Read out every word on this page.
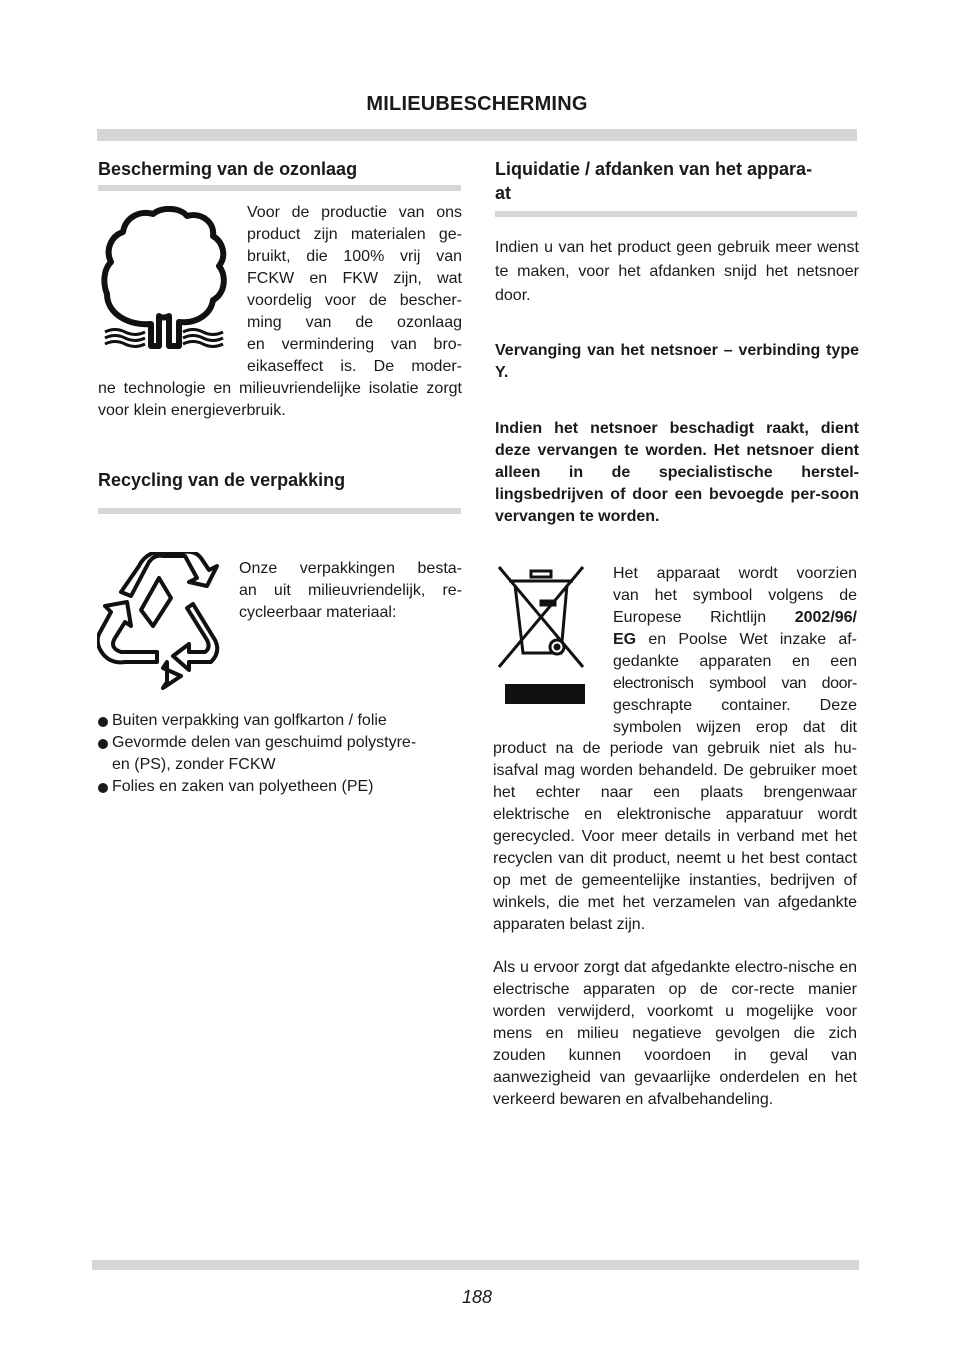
MILIEUBESCHERMING
Bescherming van de ozonlaag

Voor de productie van ons

product zijn materialen ge-

bruikt, die 100% vrij van

FCKW en FKW zijn, wat

voordelig voor de bescher-

ming van de ozonlaag

en vermindering van bro-

eikaseffect is. De moder-

ne technologie en milieuvriendelijke isolatie zorgt voor klein energieverbruik.

Recycling van de verpakking

Onze verpakkingen besta-

an uit milieuvriendelijk, re-

cycleerbaar materiaal:

Buiten verpakking van golfkarton / folie
Gevormde delen van geschuimd polystyre-
en (PS), zonder FCKW
Folies en zaken van polyetheen (PE)
Liquidatie / afdanken van het appara-
at

Indien u van het product geen gebruik meer wenst te maken, voor het afdanken snijd het netsnoer door.

Vervanging van het netsnoer – verbinding type Y.

Indien het netsnoer beschadigt raakt, dient deze vervangen te worden. Het netsnoer dient alleen in de specialistische herstel-lingsbedrijven of door een bevoegde per-soon vervangen te worden.

Het apparaat wordt voorzien

van het symbool volgens de

Europese Richtlijn 2002/96/

EG en Poolse Wet inzake af-

gedankte apparaten en een

electronisch symbool van door-

geschrapte container. Deze

symbolen wijzen erop dat dit

product na de periode van gebruik niet als hu-isafval mag worden behandeld. De gebruiker moet het echter naar een plaats brengenwaar elektrische en elektronische apparatuur wordt gerecycled. Voor meer details in verband met het recyclen van dit product, neemt u het best contact op met de gemeentelijke instanties, bedrijven of winkels, die met het verzamelen van afgedankte apparaten belast zijn.

Als u ervoor zorgt dat afgedankte electro-nische en electrische apparaten op de cor-recte manier worden verwijderd, voorkomt u mogelijke voor mens en milieu negatieve gevolgen die zich zouden kunnen voordoen in geval van aanwezigheid van gevaarlijke onderdelen en het verkeerd bewaren en afvalbehandeling.

188
